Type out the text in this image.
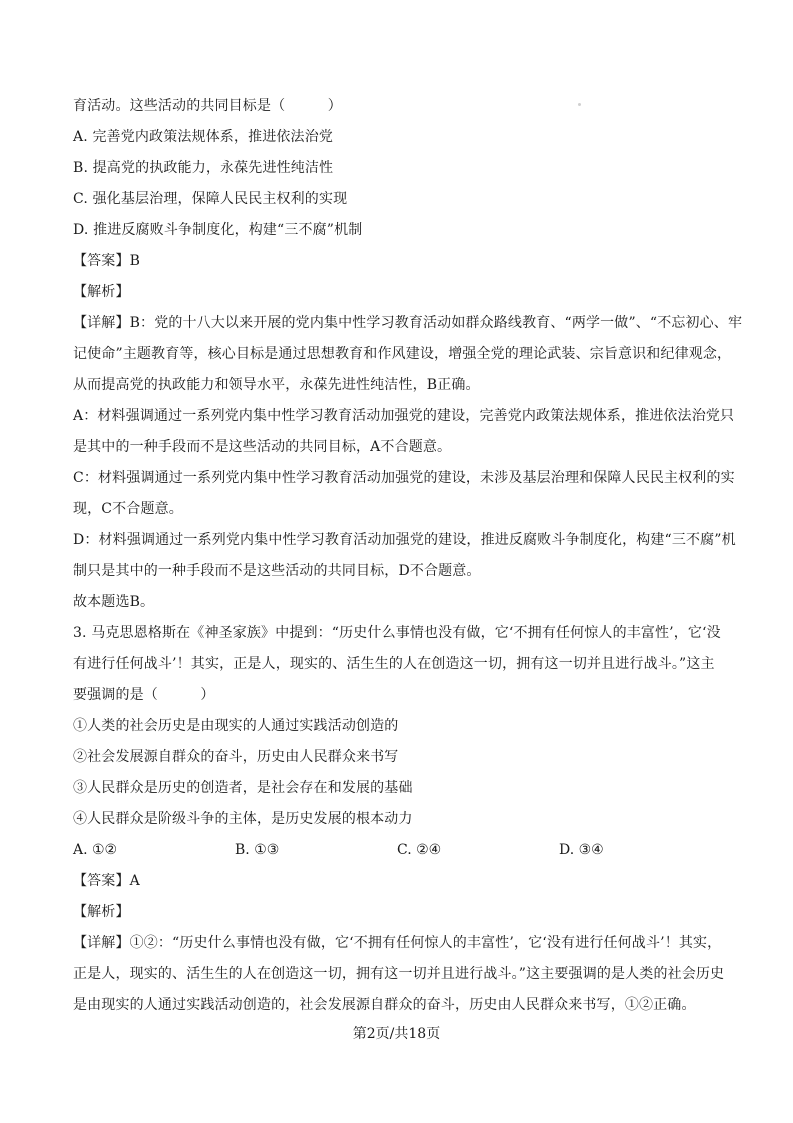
育活动。这些活动的共同目标是（　　　）
A. 完善党内政策法规体系，推进依法治党
B. 提高党的执政能力，永葆先进性纯洁性
C. 强化基层治理，保障人民民主权利的实现
D. 推进反腐败斗争制度化，构建“三不腐”机制
【答案】B
【解析】
【详解】B：党的十八大以来开展的党内集中性学习教育活动如群众路线教育、“两学一做”、“不忘初心、牢
记使命”主题教育等，核心目标是通过思想教育和作风建设，增强全党的理论武装、宗旨意识和纪律观念，
从而提高党的执政能力和领导水平，永葆先进性纯洁性，B正确。
A：材料强调通过一系列党内集中性学习教育活动加强党的建设，完善党内政策法规体系，推进依法治党只
是其中的一种手段而不是这些活动的共同目标，A不合题意。
C：材料强调通过一系列党内集中性学习教育活动加强党的建设，未涉及基层治理和保障人民民主权利的实
现，C不合题意。
D：材料强调通过一系列党内集中性学习教育活动加强党的建设，推进反腐败斗争制度化，构建“三不腐”机
制只是其中的一种手段而不是这些活动的共同目标，D不合题意。
故本题选B。
3. 马克思恩格斯在《神圣家族》中提到：“历史什么事情也没有做，它‘不拥有任何惊人的丰富性’，它‘没
有进行任何战斗’！其实，正是人，现实的、活生生的人在创造这一切，拥有这一切并且进行战斗。”这主
要强调的是（　　　）
①人类的社会历史是由现实的人通过实践活动创造的
②社会发展源自群众的奋斗，历史由人民群众来书写
③人民群众是历史的创造者，是社会存在和发展的基础
④人民群众是阶级斗争的主体，是历史发展的根本动力
A. ①②	B. ①③	C. ②④	D. ③④
【答案】A
【解析】
【详解】①②：“历史什么事情也没有做，它‘不拥有任何惊人的丰富性’，它‘没有进行任何战斗’！其实，
正是人，现实的、活生生的人在创造这一切，拥有这一切并且进行战斗。”这主要强调的是人类的社会历史
是由现实的人通过实践活动创造的，社会发展源自群众的奋斗，历史由人民群众来书写，①②正确。
第2页/共18页
